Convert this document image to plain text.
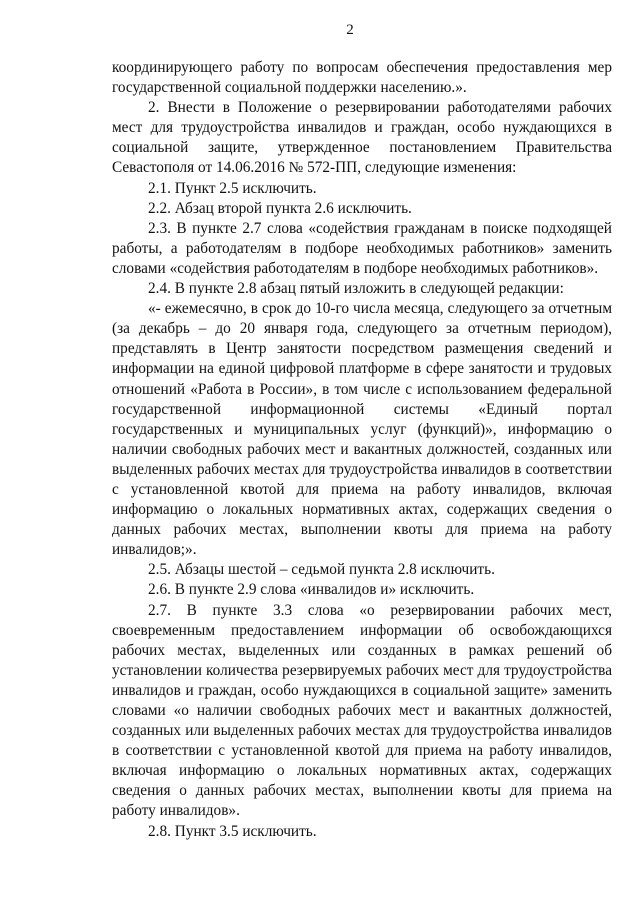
2

координирующего работу по вопросам обеспечения предоставления мер государственной социальной поддержки населению.».

2. Внести в Положение о резервировании работодателями рабочих мест для трудоустройства инвалидов и граждан, особо нуждающихся в социальной защите, утвержденное постановлением Правительства Севастополя от 14.06.2016 № 572-ПП, следующие изменения:

2.1. Пункт 2.5 исключить.

2.2. Абзац второй пункта 2.6 исключить.

2.3. В пункте 2.7 слова «содействия гражданам в поиске подходящей работы, а работодателям в подборе необходимых работников» заменить словами «содействия работодателям в подборе необходимых работников».

2.4. В пункте 2.8 абзац пятый изложить в следующей редакции:

«- ежемесячно, в срок до 10-го числа месяца, следующего за отчетным (за декабрь – до 20 января года, следующего за отчетным периодом), представлять в Центр занятости посредством размещения сведений и информации на единой цифровой платформе в сфере занятости и трудовых отношений «Работа в России», в том числе с использованием федеральной государственной информационной системы «Единый портал государственных и муниципальных услуг (функций)», информацию о наличии свободных рабочих мест и вакантных должностей, созданных или выделенных рабочих местах для трудоустройства инвалидов в соответствии с установленной квотой для приема на работу инвалидов, включая информацию о локальных нормативных актах, содержащих сведения о данных рабочих местах, выполнении квоты для приема на работу инвалидов;».

2.5. Абзацы шестой – седьмой пункта 2.8 исключить.

2.6. В пункте 2.9 слова «инвалидов и» исключить.

2.7. В пункте 3.3 слова «о резервировании рабочих мест, своевременным предоставлением информации об освобождающихся рабочих местах, выделенных или созданных в рамках решений об установлении количества резервируемых рабочих мест для трудоустройства инвалидов и граждан, особо нуждающихся в социальной защите» заменить словами «о наличии свободных рабочих мест и вакантных должностей, созданных или выделенных рабочих местах для трудоустройства инвалидов в соответствии с установленной квотой для приема на работу инвалидов, включая информацию о локальных нормативных актах, содержащих сведения о данных рабочих местах, выполнении квоты для приема на работу инвалидов».

2.8. Пункт 3.5 исключить.
